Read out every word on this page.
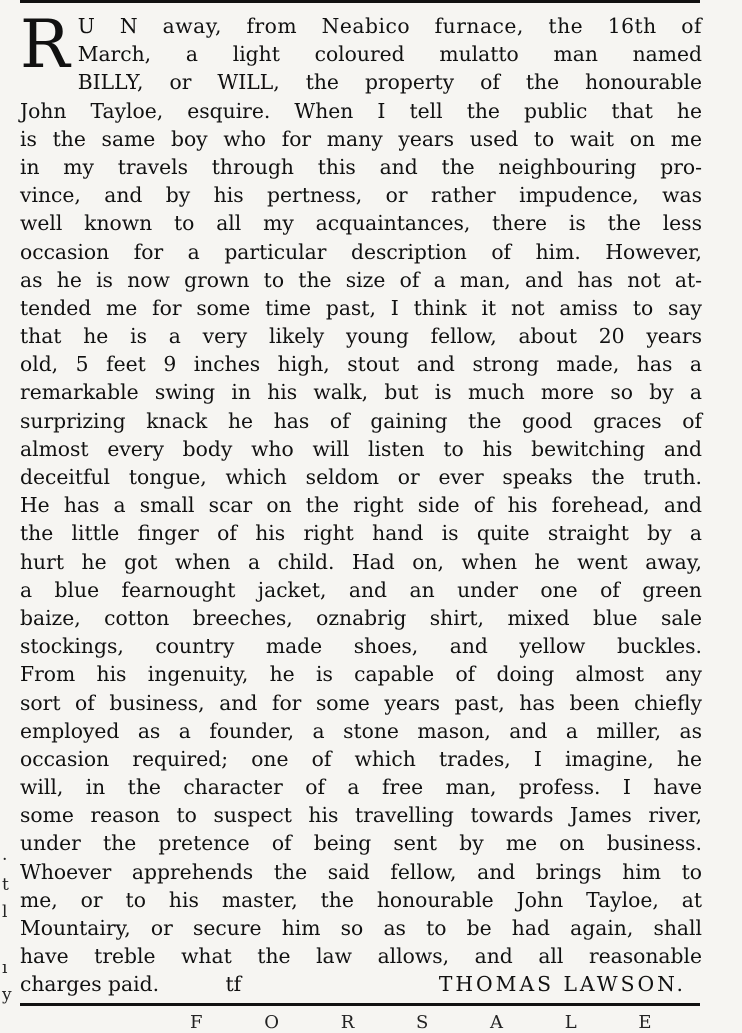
.
t
l
ı
y
R U N away, from Neabico furnace, the 16th of
March, a light coloured mulatto man named
BILLY, or WILL, the property of the honourable
John Tayloe, esquire. When I tell the public that he
is the same boy who for many years used to wait on me
in my travels through this and the neighbouring pro-
vince, and by his pertness, or rather impudence, was
well known to all my acquaintances, there is the less
occasion for a particular description of him. However,
as he is now grown to the size of a man, and has not at-
tended me for some time past, I think it not amiss to say
that he is a very likely young fellow, about 20 years
old, 5 feet 9 inches high, stout and strong made, has a
remarkable swing in his walk, but is much more so by a
surprizing knack he has of gaining the good graces of
almost every body who will listen to his bewitching and
deceitful tongue, which seldom or ever speaks the truth.
He has a small scar on the right side of his forehead, and
the little finger of his right hand is quite straight by a
hurt he got when a child. Had on, when he went away,
a blue fearnought jacket, and an under one of green
baize, cotton breeches, oznabrig shirt, mixed blue sale
stockings, country made shoes, and yellow buckles.
From his ingenuity, he is capable of doing almost any
sort of business, and for some years past, has been chiefly
employed as a founder, a stone mason, and a miller, as
occasion required; one of which trades, I imagine, he
will, in the character of a free man, profess. I have
some reason to suspect his travelling towards James river,
under the pretence of being sent by me on business.
Whoever apprehends the said fellow, and brings him to
me, or to his master, the honourable John Tayloe, at
Mountairy, or secure him so as to be had again, shall
have treble what the law allows, and all reasonable
charges paid.	tf	THOMAS LAWSON.
F O R S A L E
